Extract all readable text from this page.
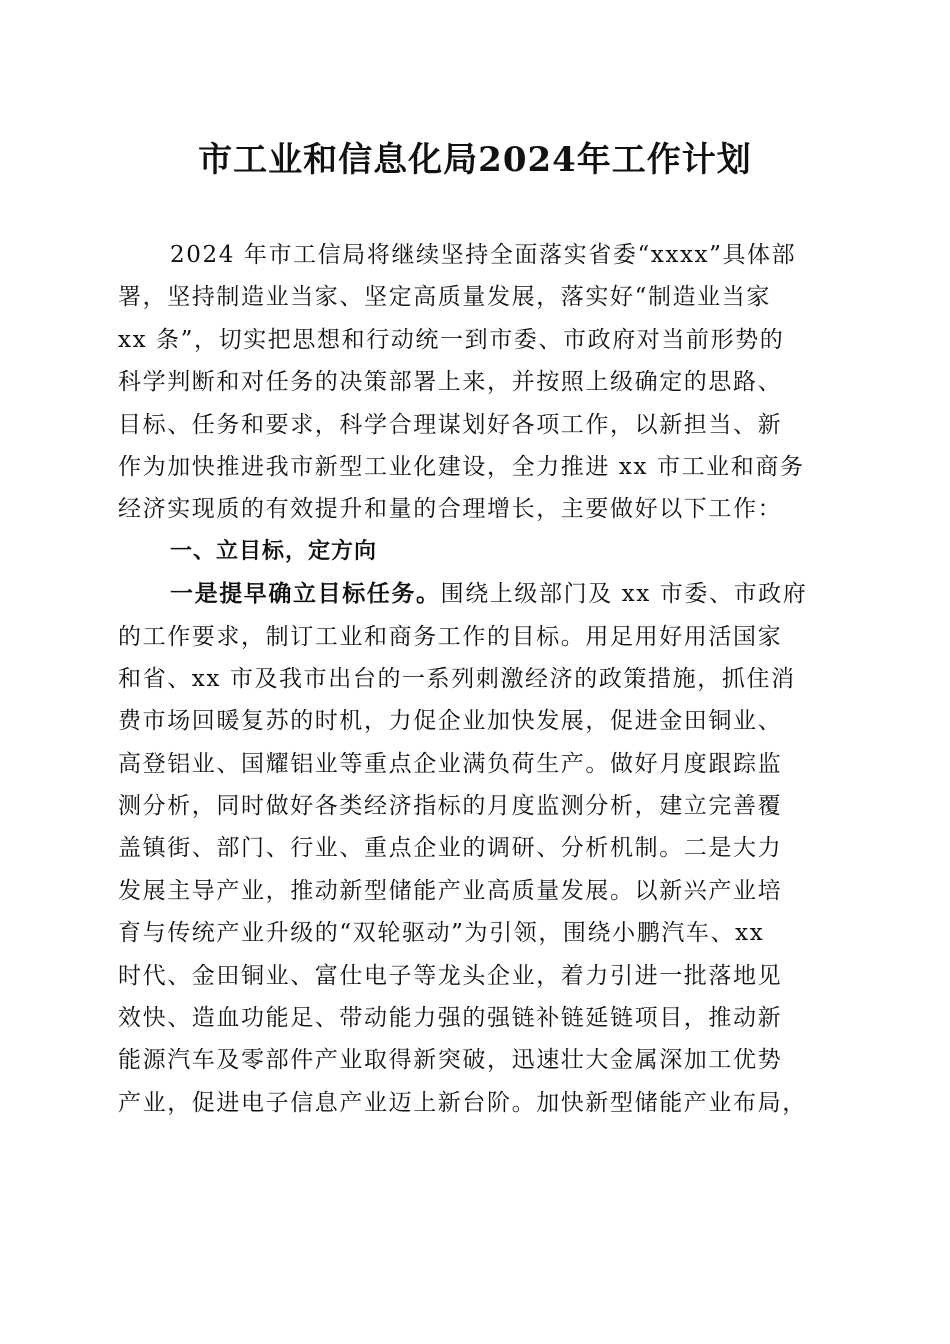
市工业和信息化局2024年工作计划
2024 年市工信局将继续坚持全面落实省委“xxxx”具体部
署，坚持制造业当家、坚定高质量发展，落实好“制造业当家
xx 条”，切实把思想和行动统一到市委、市政府对当前形势的
科学判断和对任务的决策部署上来，并按照上级确定的思路、
目标、任务和要求，科学合理谋划好各项工作，以新担当、新
作为加快推进我市新型工业化建设，全力推进 xx 市工业和商务
经济实现质的有效提升和量的合理增长，主要做好以下工作：
一、立目标，定方向
一是提早确立目标任务。围绕上级部门及 xx 市委、市政府
的工作要求，制订工业和商务工作的目标。用足用好用活国家
和省、xx 市及我市出台的一系列刺激经济的政策措施，抓住消
费市场回暖复苏的时机，力促企业加快发展，促进金田铜业、
高登铝业、国耀铝业等重点企业满负荷生产。做好月度跟踪监
测分析，同时做好各类经济指标的月度监测分析，建立完善覆
盖镇街、部门、行业、重点企业的调研、分析机制。二是大力
发展主导产业，推动新型储能产业高质量发展。以新兴产业培
育与传统产业升级的“双轮驱动”为引领，围绕小鹏汽车、xx
时代、金田铜业、富仕电子等龙头企业，着力引进一批落地见
效快、造血功能足、带动能力强的强链补链延链项目，推动新
能源汽车及零部件产业取得新突破，迅速壮大金属深加工优势
产业，促进电子信息产业迈上新台阶。加快新型储能产业布局，
